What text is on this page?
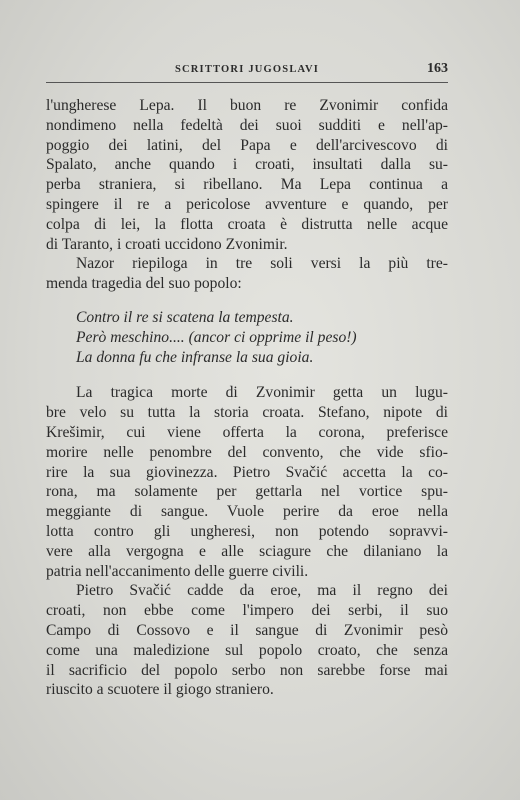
SCRITTORI JUGOSLAVI	163
l'ungherese Lepa. Il buon re Zvonimir confida
nondimeno nella fedeltà dei suoi sudditi e nell'ap-
poggio dei latini, del Papa e dell'arcivescovo di
Spalato, anche quando i croati, insultati dalla su-
perba straniera, si ribellano. Ma Lepa continua a
spingere il re a pericolose avventure e quando, per
colpa di lei, la flotta croata è distrutta nelle acque
di Taranto, i croati uccidono Zvonimir.
Nazor riepiloga in tre soli versi la più tre-
menda tragedia del suo popolo:
Contro il re si scatena la tempesta.
Però meschino.... (ancor ci opprime il peso!)
La donna fu che infranse la sua gioia.
La tragica morte di Zvonimir getta un lugu-
bre velo su tutta la storia croata. Stefano, nipote di
Krešimir, cui viene offerta la corona, preferisce
morire nelle penombre del convento, che vide sfio-
rire la sua giovinezza. Pietro Svačić accetta la co-
rona, ma solamente per gettarla nel vortice spu-
meggiante di sangue. Vuole perire da eroe nella
lotta contro gli ungheresi, non potendo sopravvi-
vere alla vergogna e alle sciagure che dilaniano la
patria nell'accanimento delle guerre civili.
Pietro Svačić cadde da eroe, ma il regno dei
croati, non ebbe come l'impero dei serbi, il suo
Campo di Cossovo e il sangue di Zvonimir pesò
come una maledizione sul popolo croato, che senza
il sacrificio del popolo serbo non sarebbe forse mai
riuscito a scuotere il giogo straniero.
